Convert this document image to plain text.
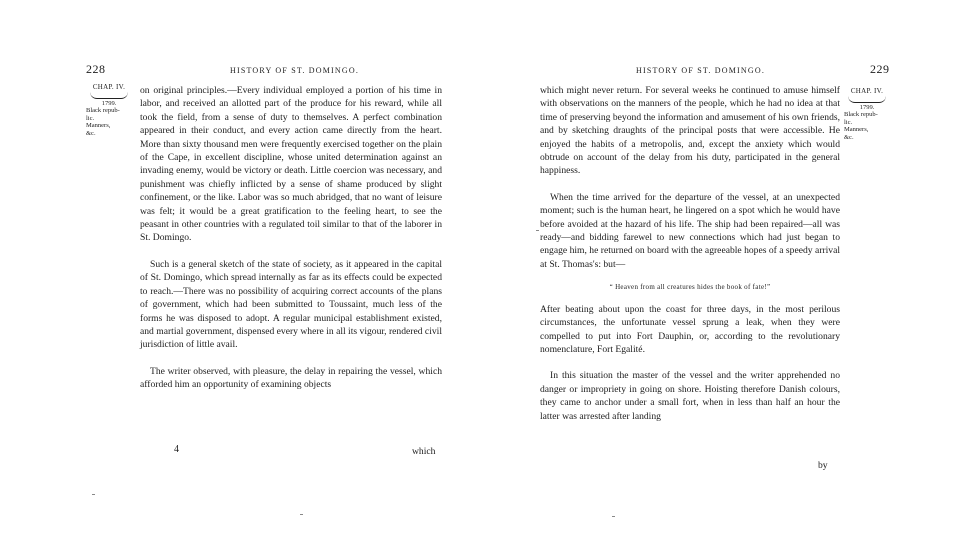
228	HISTORY OF ST. DOMINGO.
CHAP. IV.
1799.
Black repub-
lic.
Manners,
&c.

on original principles.—Every individual employed a portion of his time in labor, and received an allotted part of the produce for his reward, while all took the field, from a sense of duty to themselves. A perfect combination appeared in their conduct, and every action came directly from the heart. More than sixty thousand men were frequently exercised together on the plain of the Cape, in excellent discipline, whose united determination against an invading enemy, would be victory or death. Little coercion was necessary, and punishment was chiefly inflicted by a sense of shame produced by slight confinement, or the like. Labor was so much abridged, that no want of leisure was felt; it would be a great gratification to the feeling heart, to see the peasant in other countries with a regulated toil similar to that of the laborer in St. Domingo.

Such is a general sketch of the state of society, as it appeared in the capital of St. Domingo, which spread internally as far as its effects could be expected to reach.—There was no possibility of acquiring correct accounts of the plans of government, which had been submitted to Toussaint, much less of the forms he was disposed to adopt. A regular municipal establishment existed, and martial government, dispensed every where in all its vigour, rendered civil jurisdiction of little avail.

The writer observed, with pleasure, the delay in repairing the vessel, which afforded him an opportunity of examining objects

4	which
HISTORY OF ST. DOMINGO.	229

which might never return. For several weeks he continued to amuse himself with observations on the manners of the people, which he had no idea at that time of preserving beyond the information and amusement of his own friends, and by sketching draughts of the principal posts that were accessible. He enjoyed the habits of a metropolis, and, except the anxiety which would obtrude on account of the delay from his duty, participated in the general happiness.

When the time arrived for the departure of the vessel, at an unexpected moment; such is the human heart, he lingered on a spot which he would have before avoided at the hazard of his life. The ship had been repaired—all was ready—and bidding farewel to new connections which had just began to engage him, he returned on board with the agreeable hopes of a speedy arrival at St. Thomas's: but—

“ Heaven from all creatures hides the book of fate!”

After beating about upon the coast for three days, in the most perilous circumstances, the unfortunate vessel sprung a leak, when they were compelled to put into Fort Dauphin, or, according to the revolutionary nomenclature, Fort Egalité.

In this situation the master of the vessel and the writer apprehended no danger or impropriety in going on shore. Hoisting therefore Danish colours, they came to anchor under a small fort, when in less than half an hour the latter was arrested after landing

CHAP. IV.
1799.
Black repub-
lic.
Manners,
&c.
by
